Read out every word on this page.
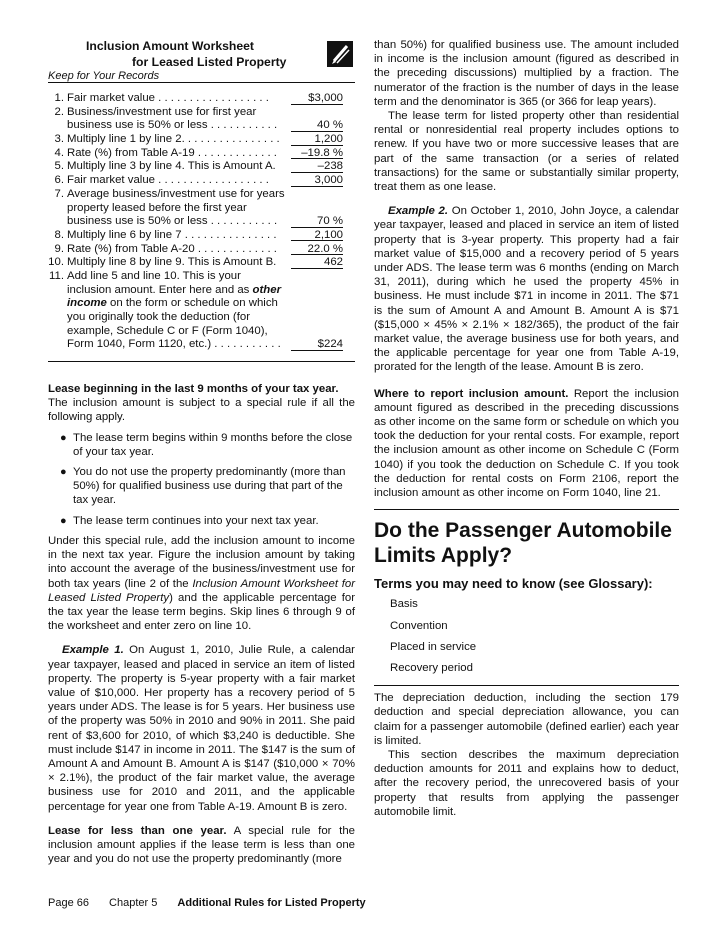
Inclusion Amount Worksheet
for Leased Listed Property
Keep for Your Records
1. Fair market value . . . . . . . . . . . . . . . . . .	$3,000
2. Business/investment use for first year
business use is 50% or less . . . . . . . . . . .	40 %
3. Multiply line 1 by line 2. . . . . . . . . . . . . . . .	1,200
4. Rate (%) from Table A-19 . . . . . . . . . . . . .	–19.8 %
5. Multiply line 3 by line 4. This is Amount A.	–238
6. Fair market value . . . . . . . . . . . . . . . . . .	3,000
7. Average business/investment use for years
property leased before the first year
business use is 50% or less . . . . . . . . . . .	70 %
8. Multiply line 6 by line 7 . . . . . . . . . . . . . . .	2,100
9. Rate (%) from Table A-20 . . . . . . . . . . . . .	22.0 %
10. Multiply line 8 by line 9. This is Amount B.	462
11. Add line 5 and line 10. This is your
inclusion amount. Enter here and as other
income on the form or schedule on which
you originally took the deduction (for
example, Schedule C or F (Form 1040),
Form 1040, Form 1120, etc.) . . . . . . . . . . .	$224

Lease beginning in the last 9 months of your tax year.

The inclusion amount is subject to a special rule if all the following apply.

● The lease term begins within 9 months before the close of your tax year.
● You do not use the property predominantly (more than 50%) for qualified business use during that part of the tax year.
● The lease term continues into your next tax year.

Under this special rule, add the inclusion amount to income in the next tax year. Figure the inclusion amount by taking into account the average of the business/investment use for both tax years (line 2 of the Inclusion Amount Worksheet for Leased Listed Property) and the applicable percentage for the tax year the lease term begins. Skip lines 6 through 9 of the worksheet and enter zero on line 10.

Example 1. On August 1, 2010, Julie Rule, a calendar year taxpayer, leased and placed in service an item of listed property. The property is 5-year property with a fair market value of $10,000. Her property has a recovery period of 5 years under ADS. The lease is for 5 years. Her business use of the property was 50% in 2010 and 90% in 2011. She paid rent of $3,600 for 2010, of which $3,240 is deductible. She must include $147 in income in 2011. The $147 is the sum of Amount A and Amount B. Amount A is $147 ($10,000 × 70% × 2.1%), the product of the fair market value, the average business use for 2010 and 2011, and the applicable percentage for year one from Table A-19. Amount B is zero.

Lease for less than one year. A special rule for the inclusion amount applies if the lease term is less than one year and you do not use the property predominantly (more

than 50%) for qualified business use. The amount included in income is the inclusion amount (figured as described in the preceding discussions) multiplied by a fraction. The numerator of the fraction is the number of days in the lease term and the denominator is 365 (or 366 for leap years).

The lease term for listed property other than residential rental or nonresidential real property includes options to renew. If you have two or more successive leases that are part of the same transaction (or a series of related transactions) for the same or substantially similar property, treat them as one lease.

Example 2. On October 1, 2010, John Joyce, a calendar year taxpayer, leased and placed in service an item of listed property that is 3-year property. This property had a fair market value of $15,000 and a recovery period of 5 years under ADS. The lease term was 6 months (ending on March 31, 2011), during which he used the property 45% in business. He must include $71 in income in 2011. The $71 is the sum of Amount A and Amount B. Amount A is $71 ($15,000 × 45% × 2.1% × 182/365), the product of the fair market value, the average business use for both years, and the applicable percentage for year one from Table A-19, prorated for the length of the lease. Amount B is zero.

Where to report inclusion amount. Report the inclusion amount figured as described in the preceding discussions as other income on the same form or schedule on which you took the deduction for your rental costs. For example, report the inclusion amount as other income on Schedule C (Form 1040) if you took the deduction on Schedule C. If you took the deduction for rental costs on Form 2106, report the inclusion amount as other income on Form 1040, line 21.

Do the Passenger Automobile Limits Apply?
Terms you may need to know (see Glossary):
Basis
Convention
Placed in service
Recovery period

The depreciation deduction, including the section 179 deduction and special depreciation allowance, you can claim for a passenger automobile (defined earlier) each year is limited.

This section describes the maximum depreciation deduction amounts for 2011 and explains how to deduct, after the recovery period, the unrecovered basis of your property that results from applying the passenger automobile limit.

Page 66 Chapter 5 Additional Rules for Listed Property
